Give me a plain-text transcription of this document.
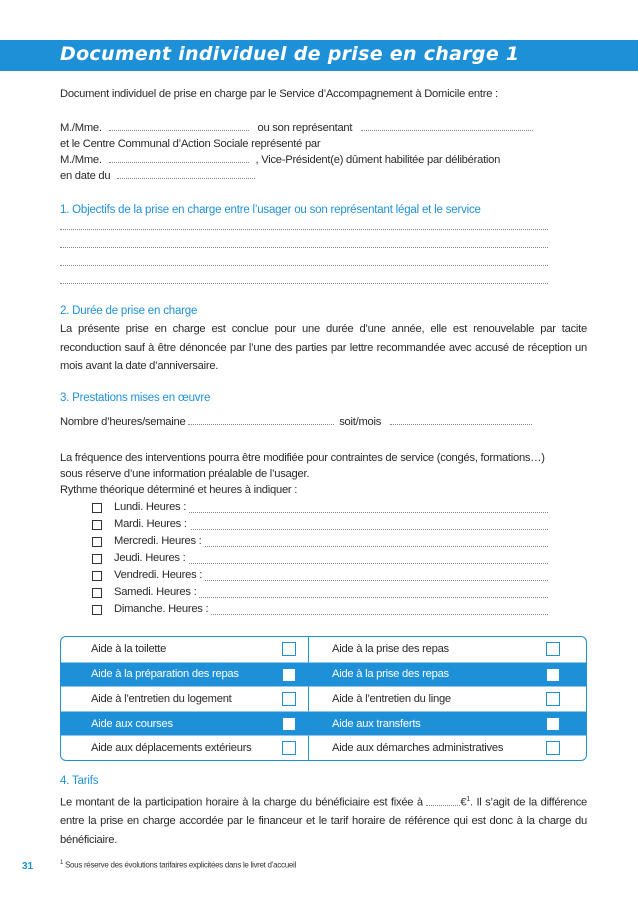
Document individuel de prise en charge 1
Document individuel de prise en charge par le Service d’Accompagnement à Domicile entre :
M./Mme.	ou son représentant
et le Centre Communal d’Action Sociale représenté par
M./Mme.	, Vice-Président(e) dûment habilitée par délibération
en date du
1. Objectifs de la prise en charge entre l’usager ou son représentant légal et le service
2. Durée de prise en charge
La présente prise en charge est conclue pour une durée d’une année, elle est renouvelable par tacite reconduction sauf à être dénoncée par l’une des parties par lettre recommandée avec accusé de réception un mois avant la date d’anniversaire.
3. Prestations mises en œuvre
Nombre d’heures/semaine	soit/mois
La fréquence des interventions pourra être modifiée pour contraintes de service (congés, formations…)
sous réserve d’une information préalable de l’usager.
Rythme théorique déterminé et heures à indiquer :
Lundi. Heures :
Mardi. Heures :
Mercredi. Heures :
Jeudi. Heures :
Vendredi. Heures :
Samedi. Heures :
Dimanche. Heures :
Aide à la toilette	Aide à la prise des repas

Aide à la préparation des repas	Aide à la prise des repas

Aide à l’entretien du logement	Aide à l’entretien du linge

Aide aux courses	Aide aux transferts

Aide aux déplacements extérieurs	Aide aux démarches administratives
4. Tarifs
Le montant de la participation horaire à la charge du bénéficiaire est fixée à	€$^1$. Il s’agit de la différence entre la prise en charge accordée par le financeur et le tarif horaire de référence qui est donc à la charge du bénéficiaire.
31	$^1$ Sous réserve des évolutions tarifaires explicitées dans le livret d’accueil
